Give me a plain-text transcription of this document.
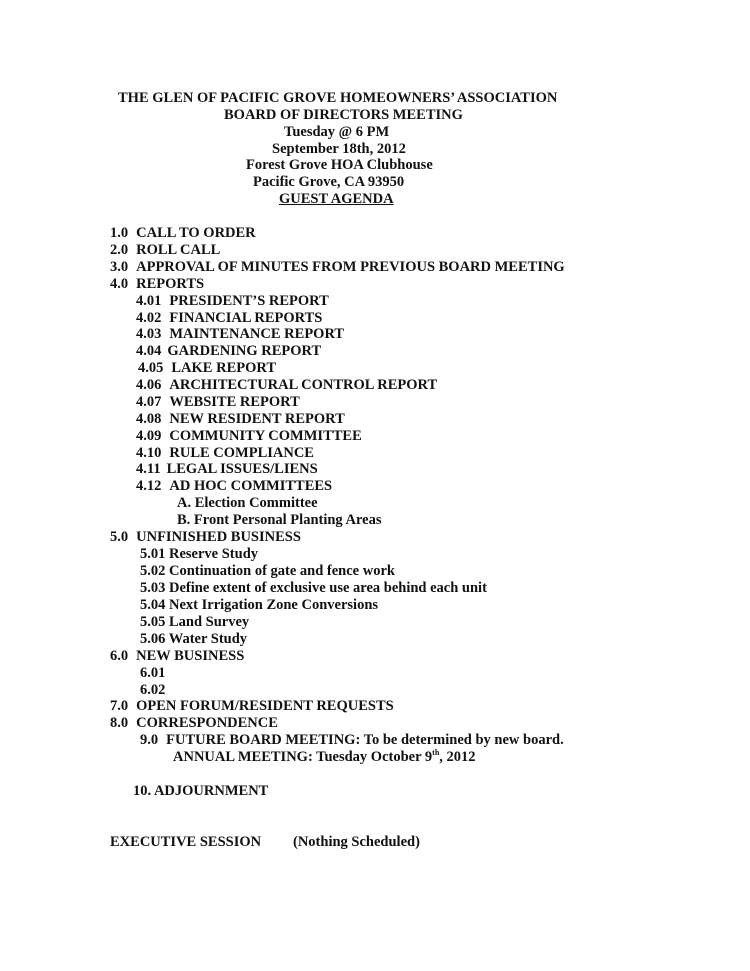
THE GLEN OF PACIFIC GROVE HOMEOWNERS’ ASSOCIATION
BOARD OF DIRECTORS MEETING
Tuesday @ 6 PM
September 18th, 2012
Forest Grove HOA Clubhouse
Pacific Grove, CA 93950
GUEST AGENDA
1.0 CALL TO ORDER
2.0 ROLL CALL
3.0 APPROVAL OF MINUTES FROM PREVIOUS BOARD MEETING
4.0 REPORTS
4.01 PRESIDENT’S REPORT
4.02 FINANCIAL REPORTS
4.03 MAINTENANCE REPORT
4.04 GARDENING REPORT
4.05 LAKE REPORT
4.06 ARCHITECTURAL CONTROL REPORT
4.07 WEBSITE REPORT
4.08 NEW RESIDENT REPORT
4.09 COMMUNITY COMMITTEE
4.10 RULE COMPLIANCE
4.11 LEGAL ISSUES/LIENS
4.12 AD HOC COMMITTEES
A. Election Committee
B. Front Personal Planting Areas
5.0 UNFINISHED BUSINESS
5.01 Reserve Study
5.02 Continuation of gate and fence work
5.03 Define extent of exclusive use area behind each unit
5.04 Next Irrigation Zone Conversions
5.05 Land Survey
5.06 Water Study
6.0 NEW BUSINESS
6.01
6.02
7.0 OPEN FORUM/RESIDENT REQUESTS
8.0 CORRESPONDENCE
9.0 FUTURE BOARD MEETING: To be determined by new board.
ANNUAL MEETING: Tuesday October 9th, 2012
10. ADJOURNMENT
EXECUTIVE SESSION (Nothing Scheduled)
